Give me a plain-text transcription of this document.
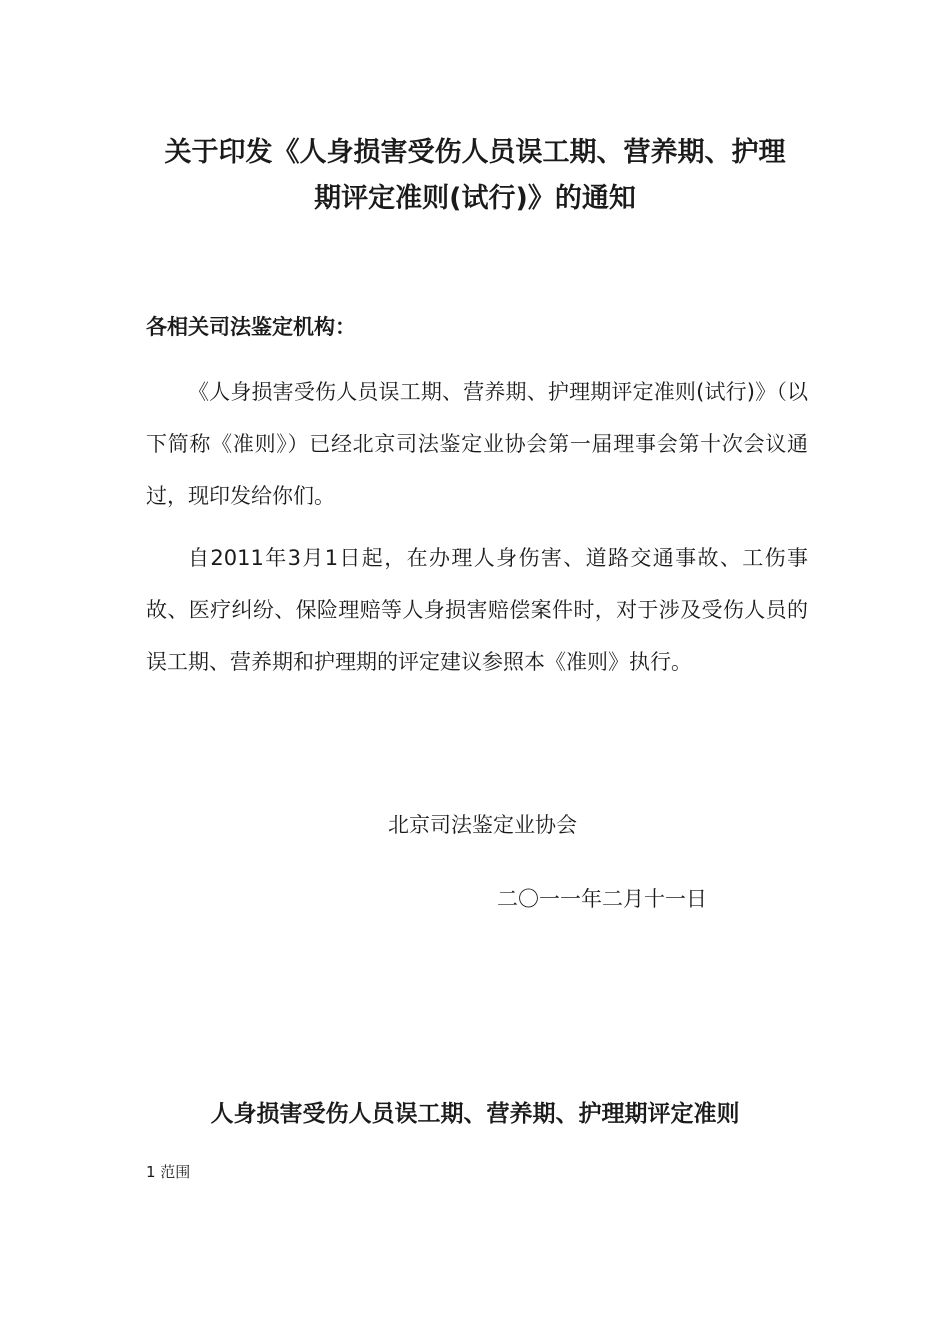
关于印发《人身损害受伤人员误工期、营养期、护理
期评定准则(试行)》的通知

各相关司法鉴定机构：

《人身损害受伤人员误工期、营养期、护理期评定准则(试行)》（以下简称《准则》）已经北京司法鉴定业协会第一届理事会第十次会议通过，现印发给你们。

自2011年3月1日起，在办理人身伤害、道路交通事故、工伤事故、医疗纠纷、保险理赔等人身损害赔偿案件时，对于涉及受伤人员的误工期、营养期和护理期的评定建议参照本《准则》执行。

北京司法鉴定业协会

二〇一一年二月十一日

人身损害受伤人员误工期、营养期、护理期评定准则

1 范围
